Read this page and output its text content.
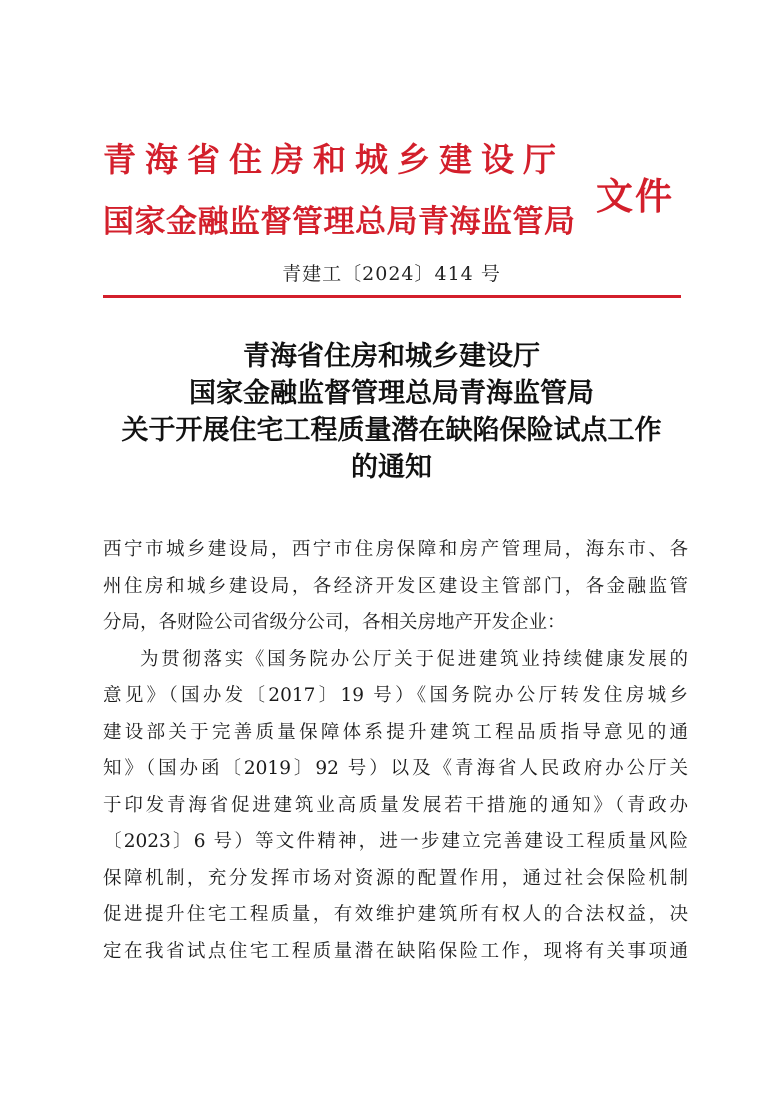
青海省住房和城乡建设厅
国家金融监督管理总局青海监管局
文件
青建工〔2024〕414 号
青海省住房和城乡建设厅
国家金融监督管理总局青海监管局
关于开展住宅工程质量潜在缺陷保险试点工作
的通知
西宁市城乡建设局，西宁市住房保障和房产管理局，海东市、各
州住房和城乡建设局，各经济开发区建设主管部门，各金融监管
分局，各财险公司省级分公司，各相关房地产开发企业：
为贯彻落实《国务院办公厅关于促进建筑业持续健康发展的
意见》（国办发〔2017〕19 号）《国务院办公厅转发住房城乡
建设部关于完善质量保障体系提升建筑工程品质指导意见的通
知》（国办函〔2019〕92 号）以及《青海省人民政府办公厅关
于印发青海省促进建筑业高质量发展若干措施的通知》（青政办
〔2023〕6 号）等文件精神，进一步建立完善建设工程质量风险
保障机制，充分发挥市场对资源的配置作用，通过社会保险机制
促进提升住宅工程质量，有效维护建筑所有权人的合法权益，决
定在我省试点住宅工程质量潜在缺陷保险工作，现将有关事项通
